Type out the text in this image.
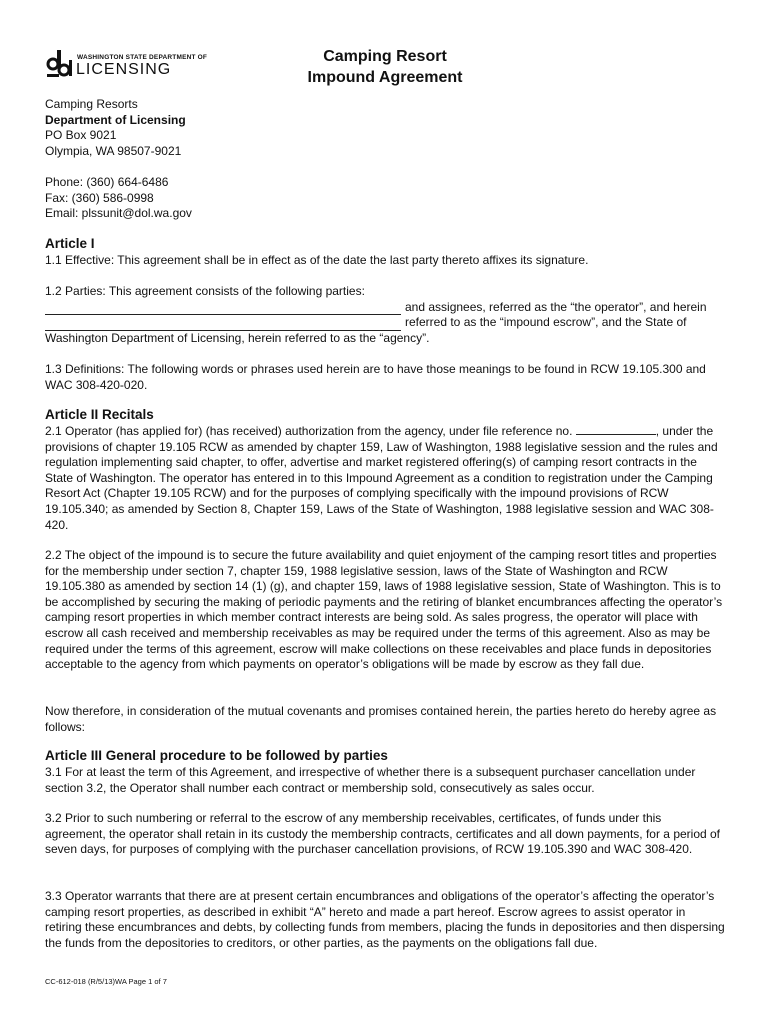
WASHINGTON STATE DEPARTMENT OF
LICENSING
Camping Resort
Impound Agreement
Camping Resorts
Department of Licensing
PO Box 9021
Olympia, WA 98507-9021
Phone: (360) 664-6486
Fax: (360) 586-0998
Email: plssunit@dol.wa.gov
Article I
1.1 Effective: This agreement shall be in effect as of the date the last party thereto affixes its signature.
1.2 Parties: This agreement consists of the following parties:
and assignees, referred as the “the operator”, and herein
referred to as the “impound escrow”, and the State of
Washington Department of Licensing, herein referred to as the “agency”.
1.3 Definitions: The following words or phrases used herein are to have those meanings to be found in RCW 19.105.300 and WAC 308-420-020.
Article II Recitals
2.1 Operator (has applied for) (has received) authorization from the agency, under file reference no.	, under the provisions of chapter 19.105 RCW as amended by chapter 159, Law of Washington, 1988 legislative session and the rules and regulation implementing said chapter, to offer, advertise and market registered offering(s) of camping resort contracts in the State of Washington. The operator has entered in to this Impound Agreement as a condition to registration under the Camping Resort Act (Chapter 19.105 RCW) and for the purposes of complying specifically with the impound provisions of RCW 19.105.340; as amended by Section 8, Chapter 159, Laws of the State of Washington, 1988 legislative session and WAC 308-420.
2.2 The object of the impound is to secure the future availability and quiet enjoyment of the camping resort titles and properties for the membership under section 7, chapter 159, 1988 legislative session, laws of the State of Washington and RCW 19.105.380 as amended by section 14 (1) (g), and chapter 159, laws of 1988 legislative session, State of Washington. This is to be accomplished by securing the making of periodic payments and the retiring of blanket encumbrances affecting the operator’s camping resort properties in which member contract interests are being sold. As sales progress, the operator will place with escrow all cash received and membership receivables as may be required under the terms of this agreement. Also as may be required under the terms of this agreement, escrow will make collections on these receivables and place funds in depositories acceptable to the agency from which payments on operator’s obligations will be made by escrow as they fall due.
Now therefore, in consideration of the mutual covenants and promises contained herein, the parties hereto do hereby agree as follows:
Article III General procedure to be followed by parties
3.1 For at least the term of this Agreement, and irrespective of whether there is a subsequent purchaser cancellation under section 3.2, the Operator shall number each contract or membership sold, consecutively as sales occur.
3.2 Prior to such numbering or referral to the escrow of any membership receivables, certificates, of funds under this agreement, the operator shall retain in its custody the membership contracts, certificates and all down payments, for a period of seven days, for purposes of complying with the purchaser cancellation provisions, of RCW 19.105.390 and WAC 308-420.
3.3 Operator warrants that there are at present certain encumbrances and obligations of the operator’s affecting the operator’s camping resort properties, as described in exhibit “A” hereto and made a part hereof. Escrow agrees to assist operator in retiring these encumbrances and debts, by collecting funds from members, placing the funds in depositories and then dispersing the funds from the depositories to creditors, or other parties, as the payments on the obligations fall due.
CC-612-018 (R/5/13)WA Page 1 of 7
